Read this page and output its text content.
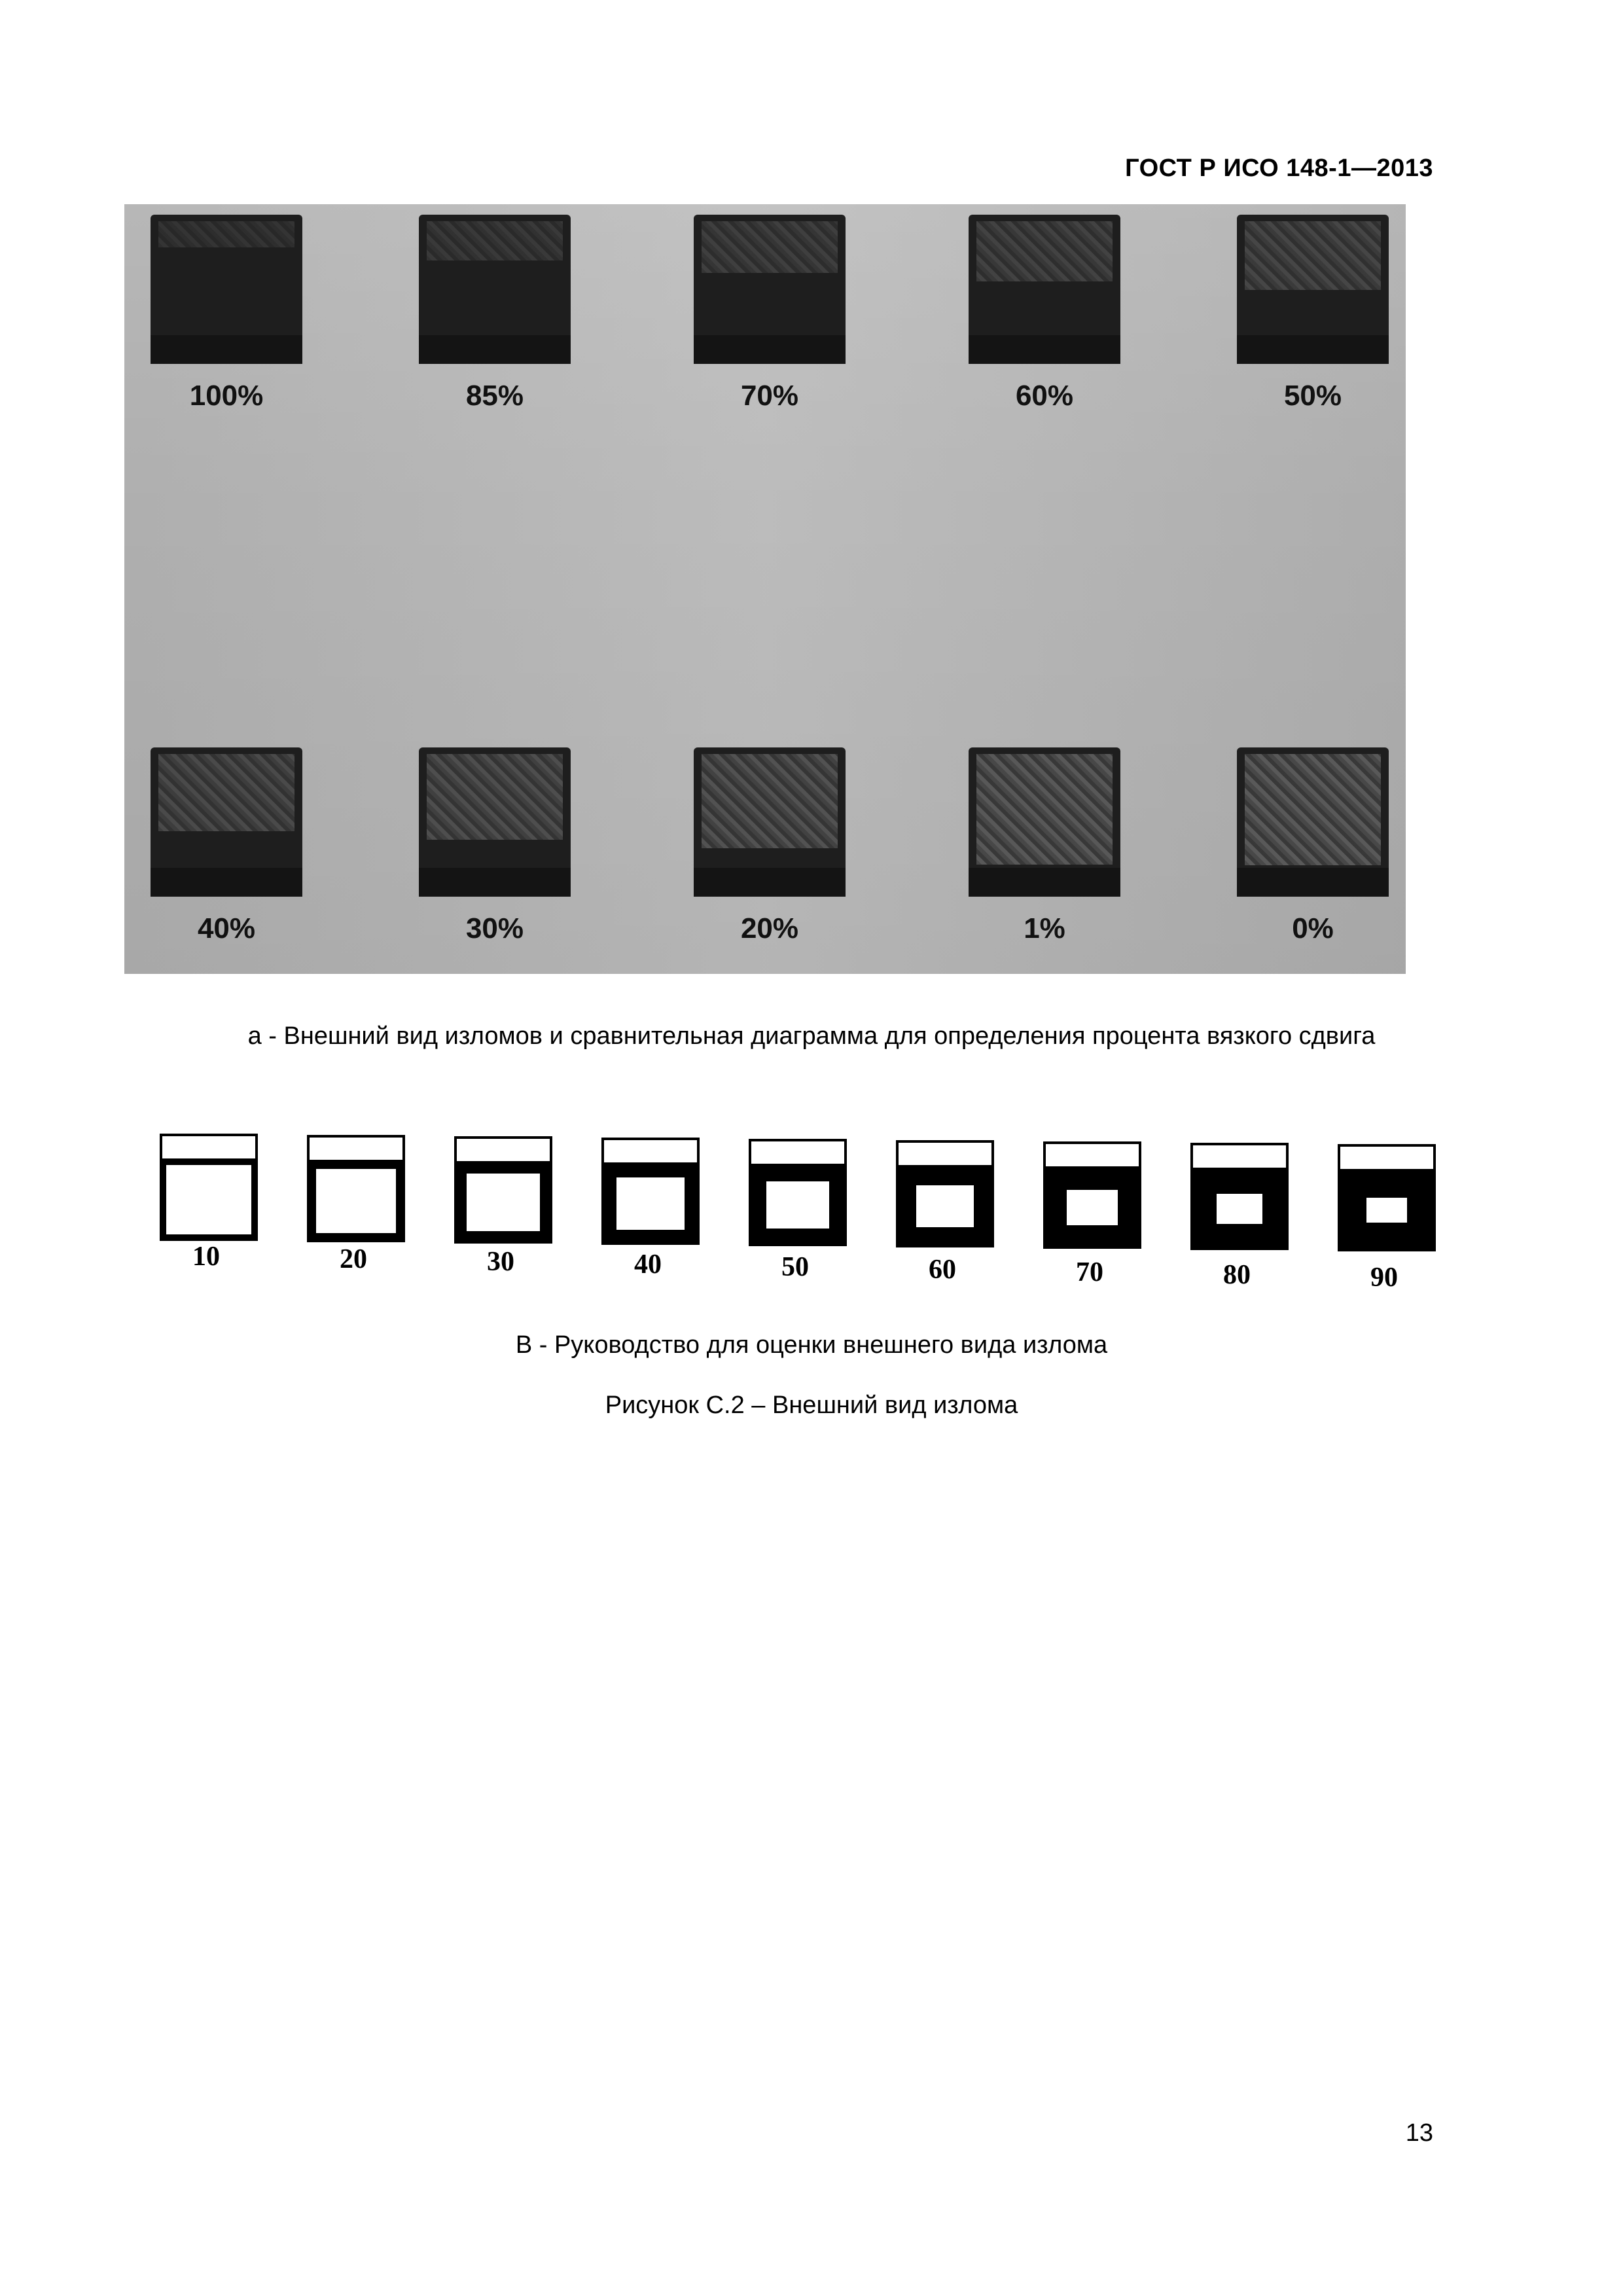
ГОСТ Р ИСО 148-1—2013
100%	85%	70%	60%	50%
40%	30%	20%	1%	0%
а - Внешний вид изломов и сравнительная диаграмма для определения процента вязкого сдвига
10	20	30	40	50	60	70	80	90
В - Руководство для оценки внешнего вида излома
Рисунок С.2 – Внешний вид излома
13
